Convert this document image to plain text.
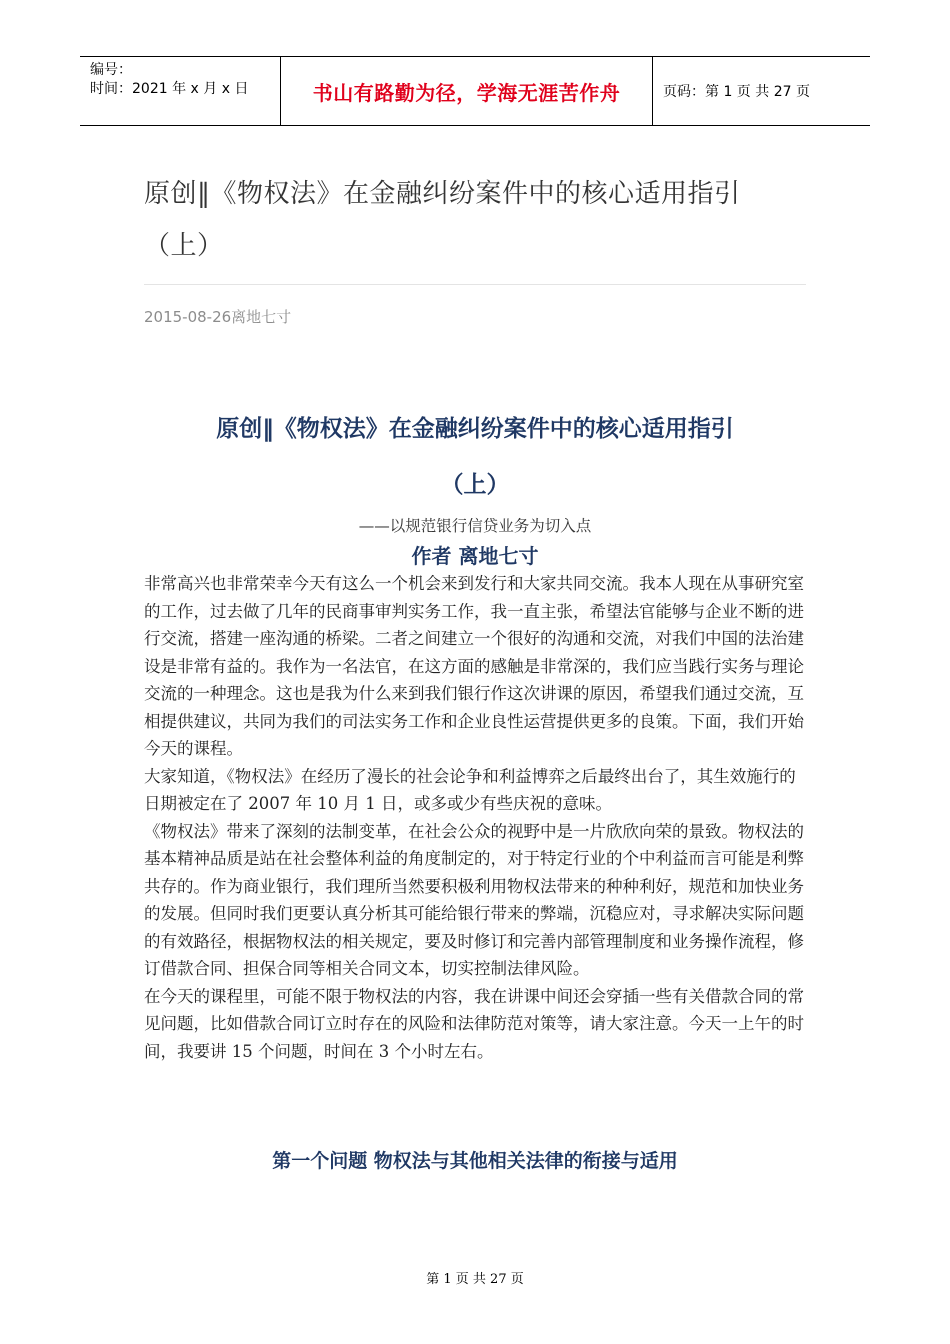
编号：
时间：2021 年 x 月 x 日	书山有路勤为径，学海无涯苦作舟	页码：第 1 页 共 27 页
原创‖《物权法》在金融纠纷案件中的核心适用指引
（上）
2015-08-26离地七寸
原创‖《物权法》在金融纠纷案件中的核心适用指引
（上）
——以规范银行信贷业务为切入点
作者 离地七寸

非常高兴也非常荣幸今天有这么一个机会来到发行和大家共同交流。我本人现在从事研究室的工作，过去做了几年的民商事审判实务工作，我一直主张，希望法官能够与企业不断的进行交流，搭建一座沟通的桥梁。二者之间建立一个很好的沟通和交流，对我们中国的法治建设是非常有益的。我作为一名法官，在这方面的感触是非常深的，我们应当践行实务与理论交流的一种理念。这也是我为什么来到我们银行作这次讲课的原因，希望我们通过交流，互相提供建议，共同为我们的司法实务工作和企业良性运营提供更多的良策。下面，我们开始今天的课程。

大家知道，《物权法》在经历了漫长的社会论争和利益博弈之后最终出台了，其生效施行的日期被定在了 2007 年 10 月 1 日，或多或少有些庆祝的意味。

《物权法》带来了深刻的法制变革，在社会公众的视野中是一片欣欣向荣的景致。物权法的基本精神品质是站在社会整体利益的角度制定的，对于特定行业的个中利益而言可能是利弊共存的。作为商业银行，我们理所当然要积极利用物权法带来的种种利好，规范和加快业务的发展。但同时我们更要认真分析其可能给银行带来的弊端，沉稳应对，寻求解决实际问题的有效路径，根据物权法的相关规定，要及时修订和完善内部管理制度和业务操作流程，修订借款合同、担保合同等相关合同文本，切实控制法律风险。

在今天的课程里，可能不限于物权法的内容，我在讲课中间还会穿插一些有关借款合同的常见问题，比如借款合同订立时存在的风险和法律防范对策等，请大家注意。今天一上午的时间，我要讲 15 个问题，时间在 3 个小时左右。

第一个问题 物权法与其他相关法律的衔接与适用
第 1 页 共 27 页
